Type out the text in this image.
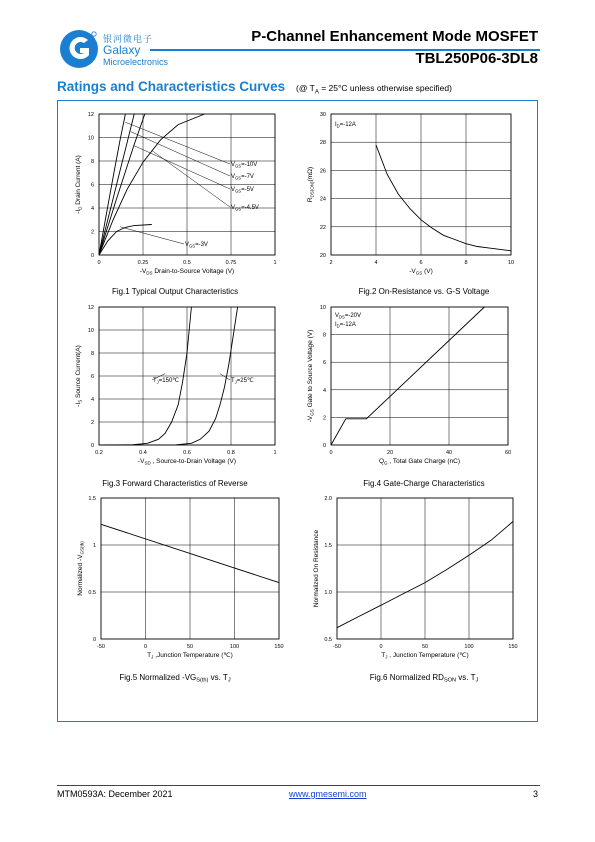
银河微电子
Galaxy
Microelectronics
P-Channel Enhancement Mode MOSFET
TBL250P06-3DL8
Ratings and Characteristics Curves (@ $T_A = 25^\circ C$ unless otherwise specified)
0	0.25	0.5	0.75	1
0
2
4
6
8
10
12
$V_{GS}=-10V$
$V_{GS}=-7V$
$V_{GS}=-5V$
$V_{GS}=-4.5V$
$V_{GS}=-3V$
$-V_{DS}$ Drain-to-Source Voltage (V)
$-I_D$ Drain Current (A)
Fig.1 Typical Output Characteristics
2	4	6	8	10
20
22
24
26
28
30
$I_D=-12A$
$-V_{GS}$ (V)
$R_{DS(ON)}(m\Omega)$
Fig.2 On-Resistance vs. G-S Voltage
0.2	0.4	0.6	0.8	1
0
2
4
6
8
10
12
$T_J=150℃$	$T_J=25℃$
$-V_{SD}$ , Source-to-Drain Voltage (V)
$-I_S$ Source Current(A)
Fig.3 Forward Characteristics of Reverse
0	20	40	60
0
2
4
6
8
10
$V_{DS}=-20V$
$I_D=-12A$
$Q_G$ , Total Gate Charge (nC)
$-V_{GS}$ Gate to Source Voltage (V)
Fig.4 Gate-Charge Characteristics
-50	0	50	100	150
0
0.5
1
1.5
$T_J$ ,Junction Temperature (℃)
Normalized $-V_{GS(th)}$
Fig.5 Normalized -VGS(th) vs. TJ
-50	0	50	100	150
0.5
1.0
1.5
2.0
$T_J$ , Junction Temperature (℃)
Normalized On Resistance
Fig.6 Normalized RDSON vs. TJ
MTM0593A: December 2021	www.gmesemi.com	3
